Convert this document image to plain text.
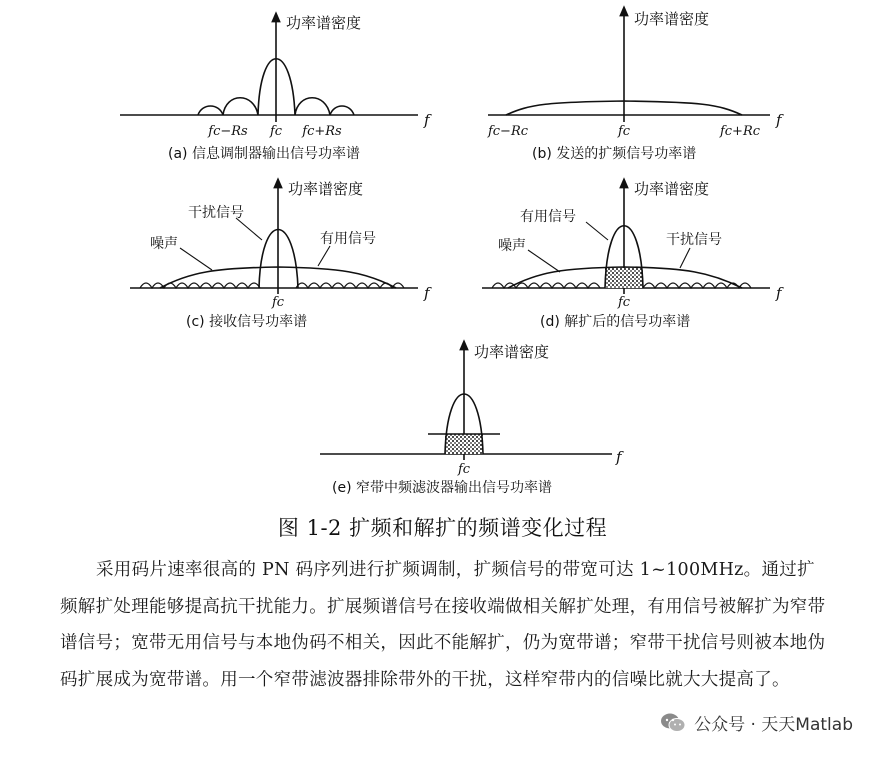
功率谱密度
f
fc−Rs fc fc+Rs
(a) 信息调制器输出信号功率谱
功率谱密度
f
fc−Rc	fc	fc+Rc
(b) 发送的扩频信号功率谱
功率谱密度
f
fc
干扰信号
噪声	有用信号
(c) 接收信号功率谱
功率谱密度
f
fc
有用信号
噪声	干扰信号
(d) 解扩后的信号功率谱
功率谱密度
f
fc
(e) 窄带中频滤波器输出信号功率谱
图 1-2 扩频和解扩的频谱变化过程
采用码片速率很高的 PN 码序列进行扩频调制，扩频信号的带宽可达 1~100MHz。通过扩频解扩处理能够提高抗干扰能力。扩展频谱信号在接收端做相关解扩处理，有用信号被解扩为窄带谱信号；宽带无用信号与本地伪码不相关，因此不能解扩，仍为宽带谱；窄带干扰信号则被本地伪码扩展成为宽带谱。用一个窄带滤波器排除带外的干扰，这样窄带内的信噪比就大大提高了。
公众号 · 天天Matlab
